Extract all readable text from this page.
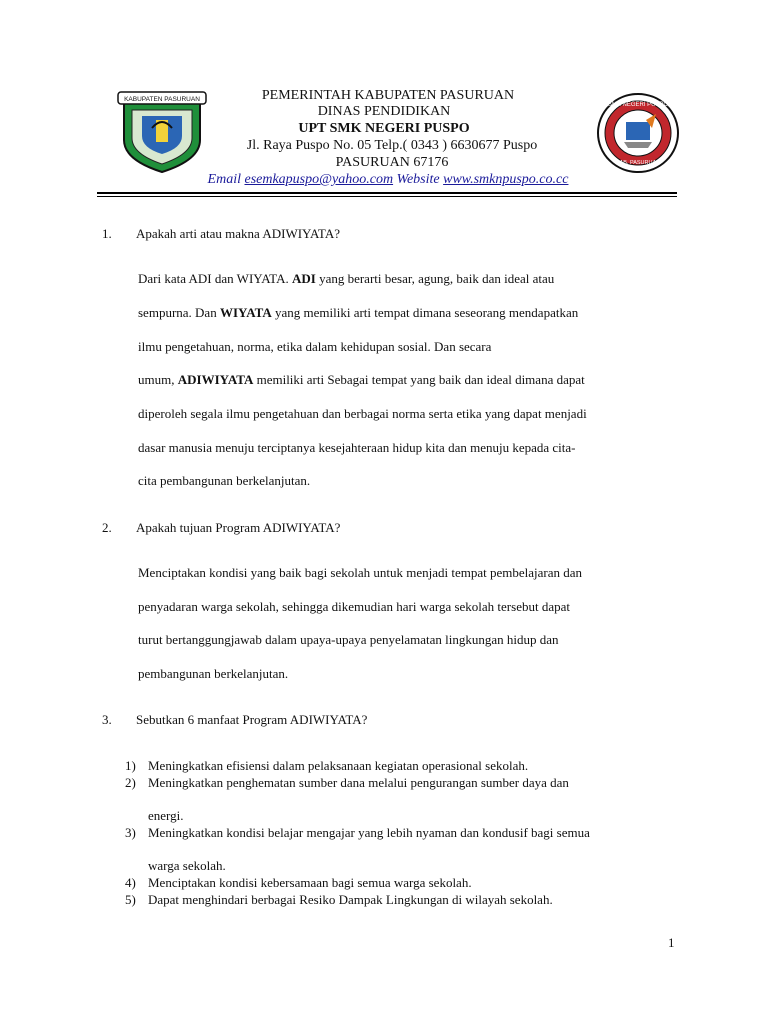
KABUPATEN PASURUAN
SMK NEGERI PUSPO
KAB. PASURUAN
PEMERINTAH KABUPATEN PASURUAN
DINAS PENDIDIKAN
UPT SMK NEGERI PUSPO
Jl. Raya Puspo No. 05 Telp.( 0343 ) 6630677 Puspo
PASURUAN 67176
Email esemkapuspo@yahoo.com Website www.smknpuspo.co.cc
1. Apakah arti atau makna ADIWIYATA?
Dari kata ADI dan WIYATA. ADI yang berarti besar, agung, baik dan ideal atau
sempurna. Dan WIYATA yang memiliki arti tempat dimana seseorang mendapatkan
ilmu pengetahuan, norma, etika dalam kehidupan sosial. Dan secara
umum, ADIWIYATA memiliki arti Sebagai tempat yang baik dan ideal dimana dapat
diperoleh segala ilmu pengetahuan dan berbagai norma serta etika yang dapat menjadi
dasar manusia menuju terciptanya kesejahteraan hidup kita dan menuju kepada cita-
cita pembangunan berkelanjutan.
2. Apakah tujuan Program ADIWIYATA?
Menciptakan kondisi yang baik bagi sekolah untuk menjadi tempat pembelajaran dan
penyadaran warga sekolah, sehingga dikemudian hari warga sekolah tersebut dapat
turut bertanggungjawab dalam upaya-upaya penyelamatan lingkungan hidup dan
pembangunan berkelanjutan.
3. Sebutkan 6 manfaat Program ADIWIYATA?
1) Meningkatkan efisiensi dalam pelaksanaan kegiatan operasional sekolah.
2) Meningkatkan penghematan sumber dana melalui pengurangan sumber daya dan
energi.
3) Meningkatkan kondisi belajar mengajar yang lebih nyaman dan kondusif bagi semua
warga sekolah.
4) Menciptakan kondisi kebersamaan bagi semua warga sekolah.
5) Dapat menghindari berbagai Resiko Dampak Lingkungan di wilayah sekolah.
1
